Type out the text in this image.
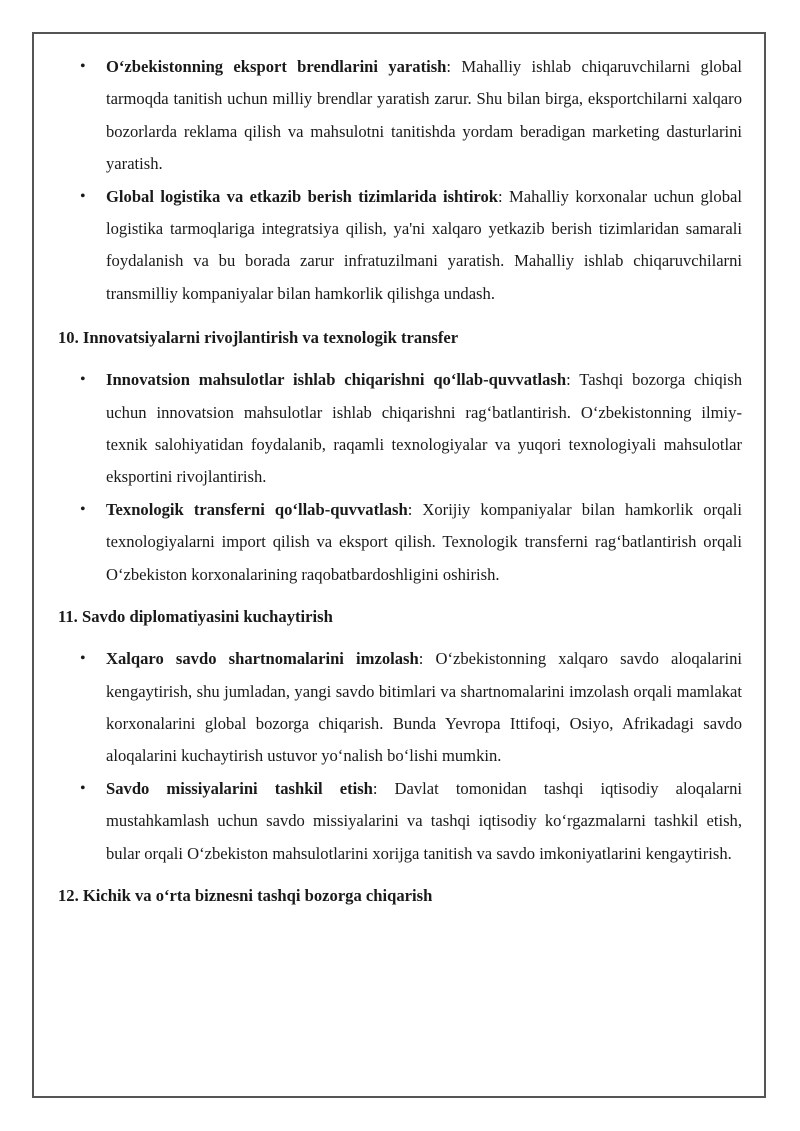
• O‘zbekistonning eksport brendlarini yaratish: Mahalliy ishlab chiqaruvchilarni global tarmoqda tanitish uchun milliy brendlar yaratish zarur. Shu bilan birga, eksportchilarni xalqaro bozorlarda reklama qilish va mahsulotni tanitishda yordam beradigan marketing dasturlarini yaratish.
• Global logistika va etkazib berish tizimlarida ishtirok: Mahalliy korxonalar uchun global logistika tarmoqlariga integratsiya qilish, ya'ni xalqaro yetkazib berish tizimlaridan samarali foydalanish va bu borada zarur infratuzilmani yaratish. Mahalliy ishlab chiqaruvchilarni transmilliy kompaniyalar bilan hamkorlik qilishga undash.
10. Innovatsiyalarni rivojlantirish va texnologik transfer
• Innovatsion mahsulotlar ishlab chiqarishni qo‘llab-quvvatlash: Tashqi bozorga chiqish uchun innovatsion mahsulotlar ishlab chiqarishni rag‘batlantirish. O‘zbekistonning ilmiy-texnik salohiyatidan foydalanib, raqamli texnologiyalar va yuqori texnologiyali mahsulotlar eksportini rivojlantirish.
• Texnologik transferni qo‘llab-quvvatlash: Xorijiy kompaniyalar bilan hamkorlik orqali texnologiyalarni import qilish va eksport qilish. Texnologik transferni rag‘batlantirish orqali O‘zbekiston korxonalarining raqobatbardoshligini oshirish.
11. Savdo diplomatiyasini kuchaytirish
• Xalqaro savdo shartnomalarini imzolash: O‘zbekistonning xalqaro savdo aloqalarini kengaytirish, shu jumladan, yangi savdo bitimlari va shartnomalarini imzolash orqali mamlakat korxonalarini global bozorga chiqarish. Bunda Yevropa Ittifoqi, Osiyo, Afrikadagi savdo aloqalarini kuchaytirish ustuvor yo‘nalish bo‘lishi mumkin.
• Savdo missiyalarini tashkil etish: Davlat tomonidan tashqi iqtisodiy aloqalarni mustahkamlash uchun savdo missiyalarini va tashqi iqtisodiy ko‘rgazmalarni tashkil etish, bular orqali O‘zbekiston mahsulotlarini xorijga tanitish va savdo imkoniyatlarini kengaytirish.
12. Kichik va o‘rta biznesni tashqi bozorga chiqarish
